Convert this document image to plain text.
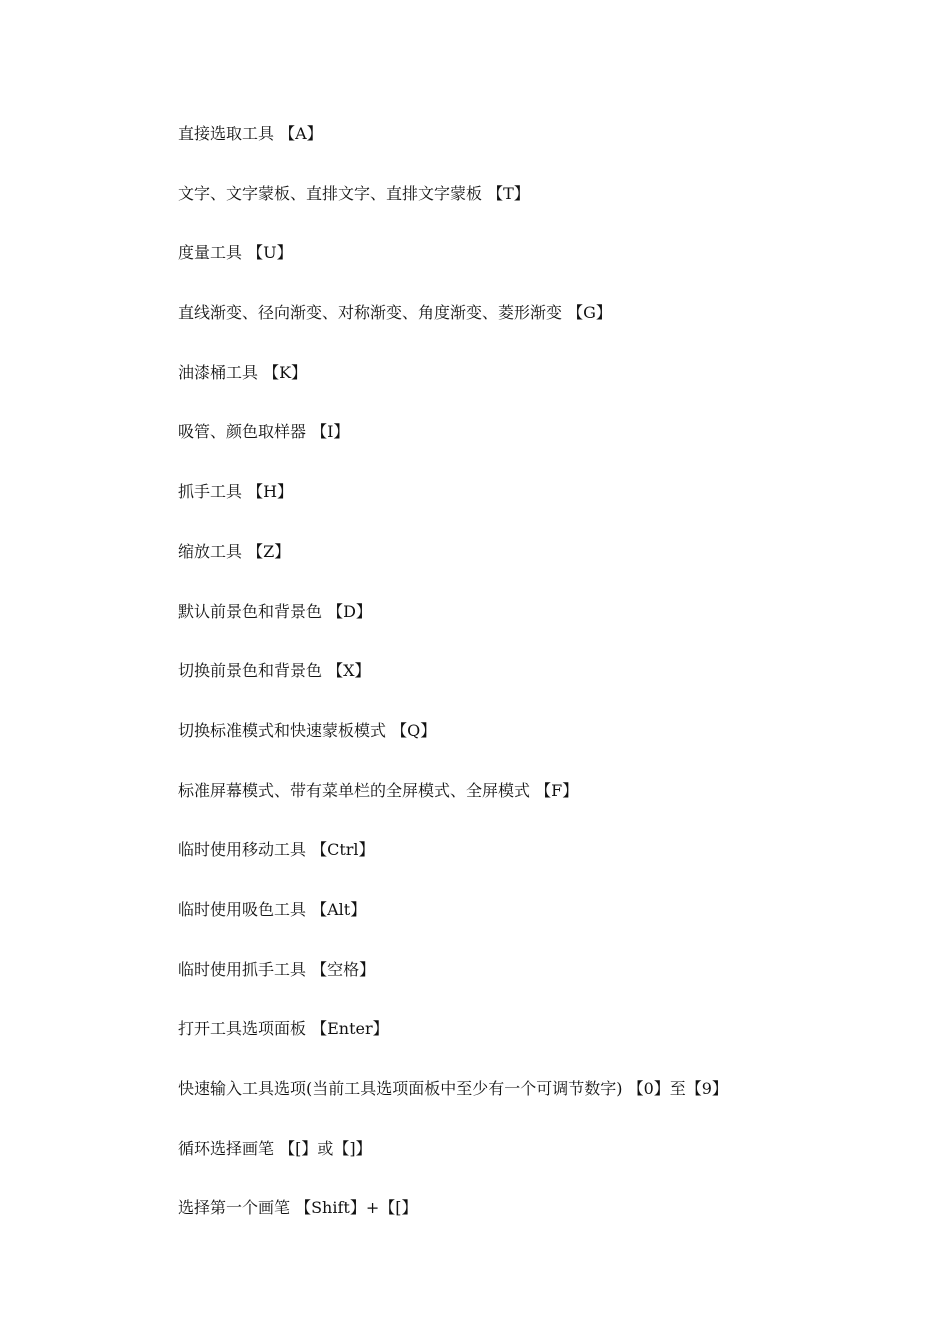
直接选取工具 【A】
文字、文字蒙板、直排文字、直排文字蒙板 【T】
度量工具 【U】
直线渐变、径向渐变、对称渐变、角度渐变、菱形渐变 【G】
油漆桶工具 【K】
吸管、颜色取样器 【I】
抓手工具 【H】
缩放工具 【Z】
默认前景色和背景色 【D】
切换前景色和背景色 【X】
切换标准模式和快速蒙板模式 【Q】
标准屏幕模式、带有菜单栏的全屏模式、全屏模式 【F】
临时使用移动工具 【Ctrl】
临时使用吸色工具 【Alt】
临时使用抓手工具 【空格】
打开工具选项面板 【Enter】
快速输入工具选项(当前工具选项面板中至少有一个可调节数字) 【0】至【9】
循环选择画笔 【[】或【]】
选择第一个画笔 【Shift】+【[】
